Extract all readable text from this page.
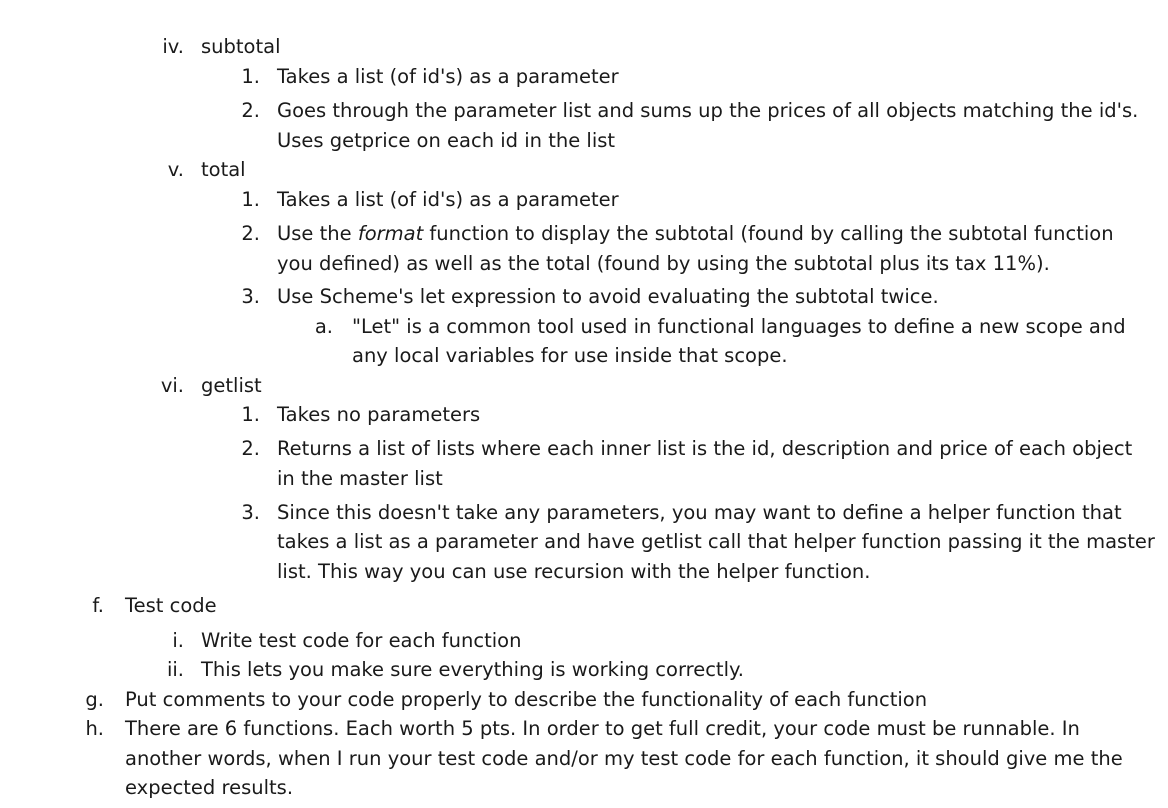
iv. subtotal
1. Takes a list (of id's) as a parameter
2. Goes through the parameter list and sums up the prices of all objects matching the id's.
Uses getprice on each id in the list
v. total
1. Takes a list (of id's) as a parameter
2. Use the format function to display the subtotal (found by calling the subtotal function
you defined) as well as the total (found by using the subtotal plus its tax 11%).
3. Use Scheme's let expression to avoid evaluating the subtotal twice.
a. "Let" is a common tool used in functional languages to define a new scope and
any local variables for use inside that scope.
vi. getlist
1. Takes no parameters
2. Returns a list of lists where each inner list is the id, description and price of each object
in the master list
3. Since this doesn't take any parameters, you may want to define a helper function that
takes a list as a parameter and have getlist call that helper function passing it the master
list. This way you can use recursion with the helper function.
f. Test code
i. Write test code for each function
ii. This lets you make sure everything is working correctly.
g. Put comments to your code properly to describe the functionality of each function
h. There are 6 functions. Each worth 5 pts. In order to get full credit, your code must be runnable. In
another words, when I run your test code and/or my test code for each function, it should give me the
expected results.
